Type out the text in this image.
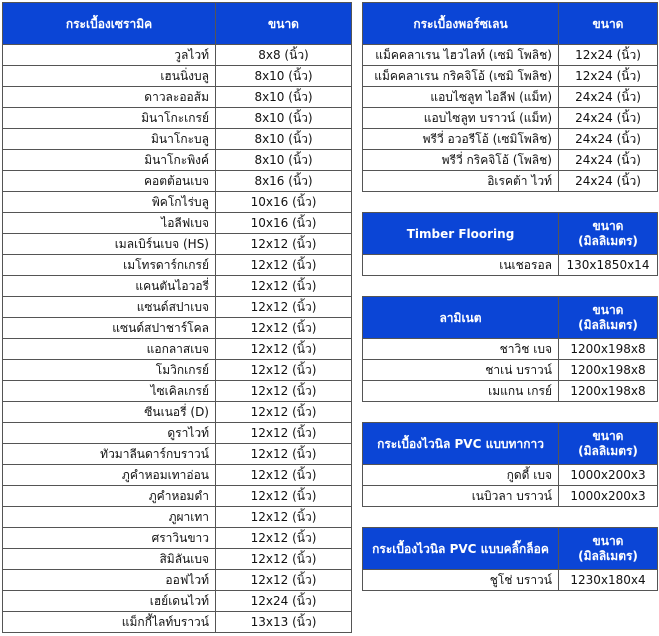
กระเบื้องเซรามิค	ขนาด
วูลไวท์	8x8 (นิ้ว)
เฮนนิ่งบลู	8x10 (นิ้ว)
ดาวละออส้ม	8x10 (นิ้ว)
มินาโกะเกรย์	8x10 (นิ้ว)
มินาโกะบลู	8x10 (นิ้ว)
มินาโกะพิงค์	8x10 (นิ้ว)
คอตต้อนเบจ	8x16 (นิ้ว)
พิคโกไร่บลู	10x16 (นิ้ว)
ไอลีฟเบจ	10x16 (นิ้ว)
เมลเบิร์นเบจ (HS)	12x12 (นิ้ว)
เมโทรดาร์กเกรย์	12x12 (นิ้ว)
แคนตันไอวอรี่	12x12 (นิ้ว)
แซนด์สปาเบจ	12x12 (นิ้ว)
แซนด์สปาชาร์โคล	12x12 (นิ้ว)
แอกลาสเบจ	12x12 (นิ้ว)
โมวิกเกรย์	12x12 (นิ้ว)
ไซเคิลเกรย์	12x12 (นิ้ว)
ซีนเนอรี่ (D)	12x12 (นิ้ว)
ดูราไวท์	12x12 (นิ้ว)
ทัวมาลีนดาร์กบราวน์	12x12 (นิ้ว)
ภูคำหอมเทาอ่อน	12x12 (นิ้ว)
ภูคำหอมดำ	12x12 (นิ้ว)
ภูผาเทา	12x12 (นิ้ว)
ศราวินขาว	12x12 (นิ้ว)
สิมิลันเบจ	12x12 (นิ้ว)
ออฟไวท์	12x12 (นิ้ว)
เฮย์เดนไวท์	12x24 (นิ้ว)
แม็กกี้ไลท์บราวน์	13x13 (นิ้ว)
กระเบื้องพอร์ซเลน	ขนาด
แม็คคลาเรน ไฮวไลท์ (เซมิ โพลิช)	12x24 (นิ้ว)
แม็คคลาเรน กริคจิโอ้ (เซมิ โพลิช)	12x24 (นิ้ว)
แอบไซลูท ไอลีฟ (แม็ท)	24x24 (นิ้ว)
แอบไซลูท บราวน์ (แม็ท)	24x24 (นิ้ว)
พรีวี่ อวอรีโอ้ (เซมิโพลิช)	24x24 (นิ้ว)
พรีวี่ กริคจิโอ้ (โพลิช)	24x24 (นิ้ว)
อิเรคต้า ไวท์	24x24 (นิ้ว)
Timber Flooring	ขนาด
(มิลลิเมตร)
เนเชอรอล	130x1850x14
ลามิเนต	ขนาด
(มิลลิเมตร)
ชาวิช เบจ	1200x198x8
ชาเน่ บราวน์	1200x198x8
เมแกน เกรย์	1200x198x8
กระเบื้องไวนิล PVC แบบทากาว	ขนาด
(มิลลิเมตร)
กูดดี้ เบจ	1000x200x3
เนบิวลา บราวน์	1000x200x3
กระเบื้องไวนิล PVC แบบคลิ๊กล็อค	ขนาด
(มิลลิเมตร)
ชูโช่ บราวน์	1230x180x4
